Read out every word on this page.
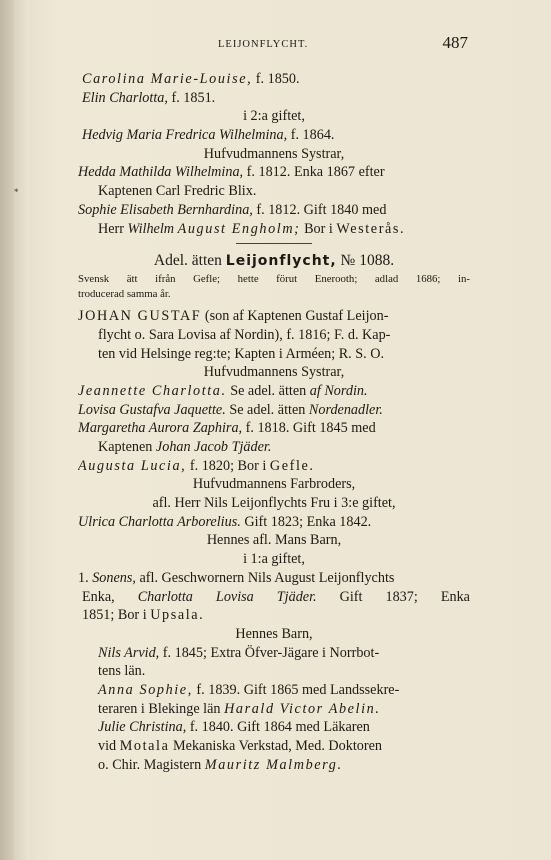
*
LEIJONFLYCHT.	487
Carolina Marie-Louise, f. 1850.
Elin Charlotta, f. 1851.
i 2:a giftet,
Hedvig Maria Fredrica Wilhelmina, f. 1864.
Hufvudmannens Systrar,
Hedda Mathilda Wilhelmina, f. 1812. Enka 1867 efter
Kaptenen Carl Fredric Blix.
Sophie Elisabeth Bernhardina, f. 1812. Gift 1840 med
Herr Wilhelm August Engholm; Bor i Westerås.
Adel. ätten Leijonflycht, № 1088.
Svensk ätt ifrån Gefle; hette förut Enerooth; adlad 1686; in-
troducerad samma år.
JOHAN GUSTAF (son af Kaptenen Gustaf Leijon-
flycht o. Sara Lovisa af Nordin), f. 1816; F. d. Kap-
ten vid Helsinge reg:te; Kapten i Arméen; R. S. O.
Hufvudmannens Systrar,
Jeannette Charlotta. Se adel. ätten af Nordin.
Lovisa Gustafva Jaquette. Se adel. ätten Nordenadler.
Margaretha Aurora Zaphira, f. 1818. Gift 1845 med
Kaptenen Johan Jacob Tjäder.
Augusta Lucia, f. 1820; Bor i Gefle.
Hufvudmannens Farbroders,
afl. Herr Nils Leijonflychts Fru i 3:e giftet,
Ulrica Charlotta Arborelius. Gift 1823; Enka 1842.
Hennes afl. Mans Barn,
i 1:a giftet,
1. Sonens, afl. Geschwornern Nils August Leijonflychts
Enka, Charlotta Lovisa Tjäder. Gift 1837; Enka
1851; Bor i Upsala.
Hennes Barn,
Nils Arvid, f. 1845; Extra Öfver-Jägare i Norrbot-
tens län.
Anna Sophie, f. 1839. Gift 1865 med Landssekre-
teraren i Blekinge län Harald Victor Abelin.
Julie Christina, f. 1840. Gift 1864 med Läkaren
vid Motala Mekaniska Verkstad, Med. Doktoren
o. Chir. Magistern Mauritz Malmberg.
